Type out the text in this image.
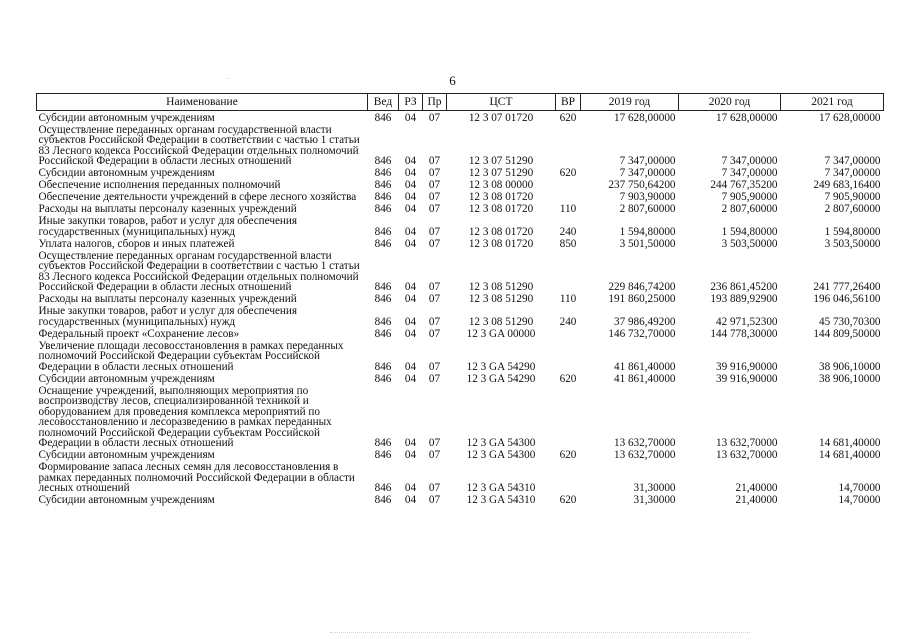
6
Наименование	Вед	РЗ	Пр	ЦСТ	ВР	2019 год	2020 год	2021 год
Субсидии автономным учреждениям	846	04	07	12 3 07 01720	620	17 628,00000	17 628,00000	17 628,00000
Осуществление переданных органам государственной власти субъектов Российской Федерации в соответствии с частью 1 статьи 83 Лесного кодекса Российской Федерации отдельных полномочий Российской Федерации в области лесных отношений	846	04	07	12 3 07 51290		7 347,00000	7 347,00000	7 347,00000
Субсидии автономным учреждениям	846	04	07	12 3 07 51290	620	7 347,00000	7 347,00000	7 347,00000
Обеспечение исполнения переданных полномочий	846	04	07	12 3 08 00000		237 750,64200	244 767,35200	249 683,16400
Обеспечение деятельности учреждений в сфере лесного хозяйства	846	04	07	12 3 08 01720		7 903,90000	7 905,90000	7 905,90000
Расходы на выплаты персоналу казенных учреждений	846	04	07	12 3 08 01720	110	2 807,60000	2 807,60000	2 807,60000
Иные закупки товаров, работ и услуг для обеспечения государственных (муниципальных) нужд	846	04	07	12 3 08 01720	240	1 594,80000	1 594,80000	1 594,80000
Уплата налогов, сборов и иных платежей	846	04	07	12 3 08 01720	850	3 501,50000	3 503,50000	3 503,50000
Осуществление переданных органам государственной власти субъектов Российской Федерации в соответствии с частью 1 статьи 83 Лесного кодекса Российской Федерации отдельных полномочий Российской Федерации в области лесных отношений	846	04	07	12 3 08 51290		229 846,74200	236 861,45200	241 777,26400
Расходы на выплаты персоналу казенных учреждений	846	04	07	12 3 08 51290	110	191 860,25000	193 889,92900	196 046,56100
Иные закупки товаров, работ и услуг для обеспечения государственных (муниципальных) нужд	846	04	07	12 3 08 51290	240	37 986,49200	42 971,52300	45 730,70300
Федеральный проект «Сохранение лесов»	846	04	07	12 3 GA 00000		146 732,70000	144 778,30000	144 809,50000
Увеличение площади лесовосстановления в рамках переданных полномочий Российской Федерации субъектам Российской Федерации в области лесных отношений	846	04	07	12 3 GA 54290		41 861,40000	39 916,90000	38 906,10000
Субсидии автономным учреждениям	846	04	07	12 3 GA 54290	620	41 861,40000	39 916,90000	38 906,10000
Оснащение учреждений, выполняющих мероприятия по воспроизводству лесов, специализированной техникой и оборудованием для проведения комплекса мероприятий по лесовосстановлению и лесоразведению в рамках переданных полномочий Российской Федерации субъектам Российской Федерации в области лесных отношений	846	04	07	12 3 GA 54300		13 632,70000	13 632,70000	14 681,40000
Субсидии автономным учреждениям	846	04	07	12 3 GA 54300	620	13 632,70000	13 632,70000	14 681,40000
Формирование запаса лесных семян для лесовосстановления в рамках переданных полномочий Российской Федерации в области лесных отношений	846	04	07	12 3 GA 54310		31,30000	21,40000	14,70000
Субсидии автономным учреждениям	846	04	07	12 3 GA 54310	620	31,30000	21,40000	14,70000
